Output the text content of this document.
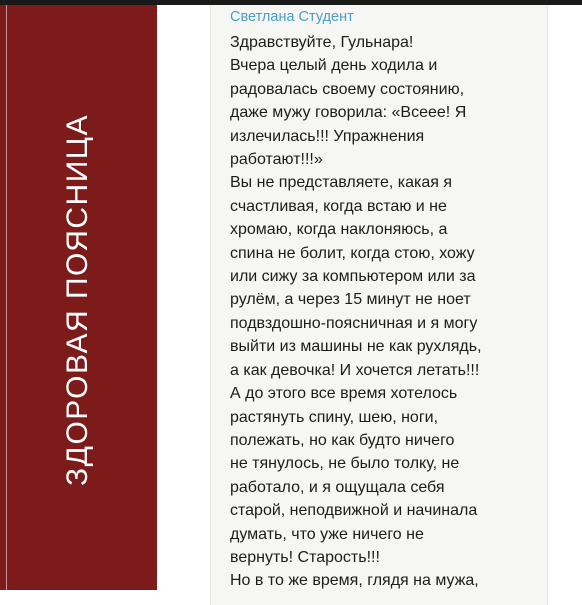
ЗДОРОВАЯ ПОЯСНИЦА
Светлана Студент
Здравствуйте, Гульнара!
Вчера целый день ходила и
радовалась своему состоянию,
даже мужу говорила: «Всеее! Я
излечилась!!! Упражнения
работают!!!»
Вы не представляете, какая я
счастливая, когда встаю и не
хромаю, когда наклоняюсь, а
спина не болит, когда стою, хожу
или сижу за компьютером или за
рулём, а через 15 минут не ноет
подвздошно-поясничная и я могу
выйти из машины не как рухлядь,
а как девочка! И хочется летать!!!
А до этого все время хотелось
растянуть спину, шею, ноги,
полежать, но как будто ничего
не тянулось, не было толку, не
работало, и я ощущала себя
старой, неподвижной и начинала
думать, что уже ничего не
вернуть! Старость!!!
Но в то же время, глядя на мужа,
